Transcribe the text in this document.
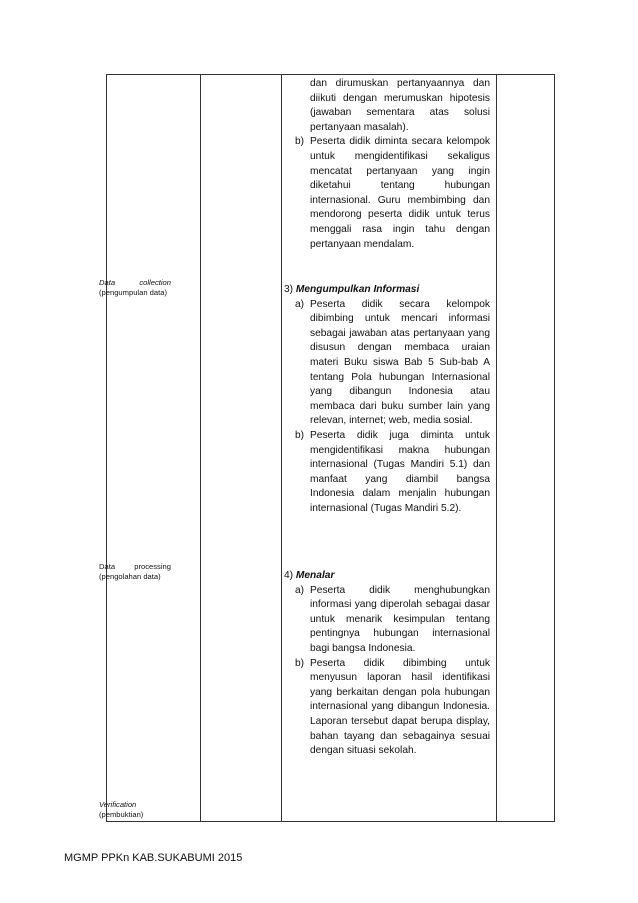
Data	collection
(pengumpulan data)
Data	processing
(pengolahan data)
Verification
(pembuktian)
dan dirumuskan pertanyaannya dan diikuti dengan merumuskan hipotesis (jawaban sementara atas solusi pertanyaan masalah).
b) Peserta didik diminta secara kelompok untuk mengidentifikasi sekaligus mencatat pertanyaan yang ingin diketahui tentang hubungan internasional. Guru membimbing dan mendorong peserta didik untuk terus menggali rasa ingin tahu dengan pertanyaan mendalam.
3) Mengumpulkan Informasi
a) Peserta didik secara kelompok dibimbing untuk mencari informasi sebagai jawaban atas pertanyaan yang disusun dengan membaca uraian materi Buku siswa Bab 5 Sub-bab A tentang Pola hubungan Internasional yang dibangun Indonesia atau membaca dari buku sumber lain yang relevan, internet; web, media sosial.
b) Peserta didik juga diminta untuk mengidentifikasi makna hubungan internasional (Tugas Mandiri 5.1) dan manfaat yang diambil bangsa Indonesia dalam menjalin hubungan internasional (Tugas Mandiri 5.2).
4) Menalar
a) Peserta didik menghubungkan informasi yang diperolah sebagai dasar untuk menarik kesimpulan tentang pentingnya hubungan internasional bagi bangsa Indonesia.
b) Peserta didik dibimbing untuk menyusun laporan hasil identifikasi yang berkaitan dengan pola hubungan internasional yang dibangun Indonesia. Laporan tersebut dapat berupa display, bahan tayang dan sebagainya sesuai dengan situasi sekolah.
MGMP PPKn KAB.SUKABUMI 2015
